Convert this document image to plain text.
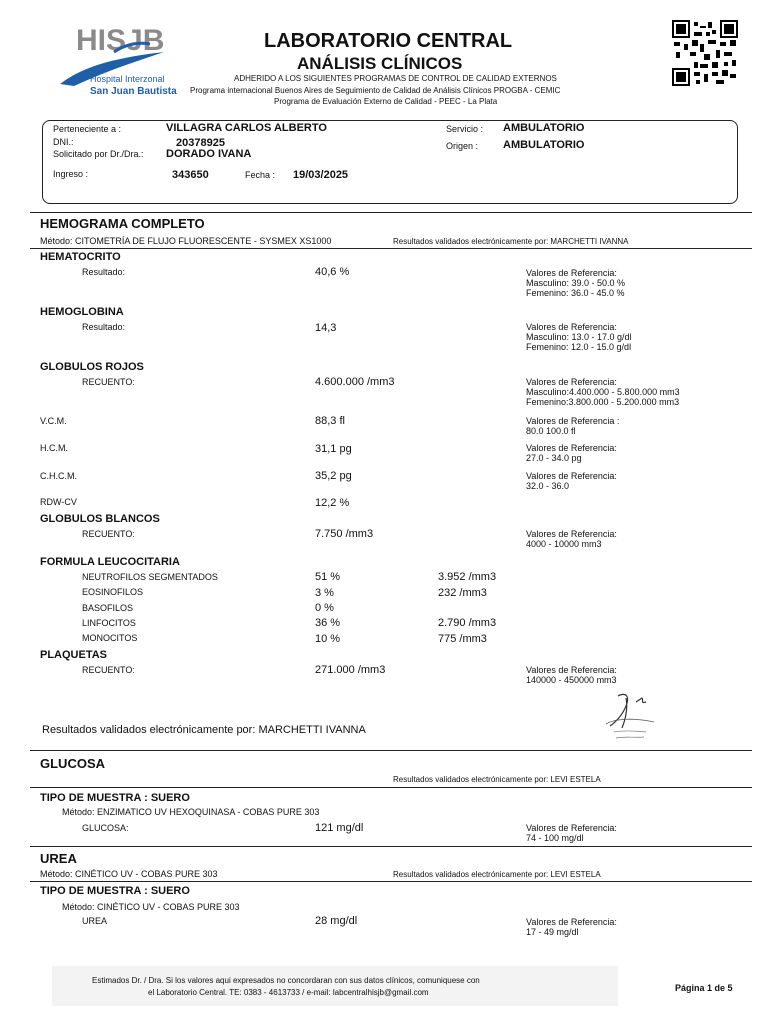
HISJB
Hospital Interzonal
San Juan Bautista
LABORATORIO CENTRAL
ANÁLISIS CLÍNICOS
ADHERIDO A LOS SIGUIENTES PROGRAMAS DE CONTROL DE CALIDAD EXTERNOS
Programa internacional Buenos Aires de Seguimiento de Calidad de Análisis Clínicos PROGBA - CEMIC
Programa de Evaluación Externo de Calidad - PEEC - La Plata
Perteneciente a :	VILLAGRA CARLOS ALBERTO
DNI.:	20378925
Solicitado por Dr./Dra.: DORADO IVANA
Ingreso :	343650	Fecha : 19/03/2025
Servicio : AMBULATORIO
Origen : AMBULATORIO
HEMOGRAMA COMPLETO
Método: CITOMETRÍA DE FLUJO FLUORESCENTE - SYSMEX XS1000	Resultados validados electrónicamente por: MARCHETTI IVANNA
HEMATOCRITO
Resultado:	40,6 %	Valores de Referencia:
Masculino: 39.0 - 50.0 %
Femenino: 36.0 - 45.0 %
HEMOGLOBINA
Resultado:	14,3	Valores de Referencia:
Masculino: 13.0 - 17.0 g/dl
Femenino: 12.0 - 15.0 g/dl
GLOBULOS ROJOS
RECUENTO:	4.600.000 /mm3	Valores de Referencia:
Masculino:4.400.000 - 5.800.000 mm3
Femenino:3.800.000 - 5.200.000 mm3
V.C.M.	88,3 fl	Valores de Referencia :
80.0 100.0 fl
H.C.M.	31,1 pg	Valores de Referencia:
27.0 - 34.0 pg
C.H.C.M.	35,2 pg	Valores de Referencia:
32.0 - 36.0
RDW-CV	12,2 %
GLOBULOS BLANCOS
RECUENTO:	7.750 /mm3	Valores de Referencia:
4000 - 10000 mm3
FORMULA LEUCOCITARIA
NEUTROFILOS SEGMENTADOS	51 %	3.952 /mm3
EOSINOFILOS	3 %	232 /mm3
BASOFILOS	0 %
LINFOCITOS	36 %	2.790 /mm3
MONOCITOS	10 %	775 /mm3
PLAQUETAS
RECUENTO:	271.000 /mm3	Valores de Referencia:
140000 - 450000 mm3
Resultados validados electrónicamente por: MARCHETTI IVANNA
GLUCOSA
Resultados validados electrónicamente por: LEVI ESTELA
TIPO DE MUESTRA : SUERO
Método: ENZIMATICO UV HEXOQUINASA - COBAS PURE 303
GLUCOSA:	121 mg/dl	Valores de Referencia:
74 - 100 mg/dl
UREA
Método: CINÉTICO UV - COBAS PURE 303	Resultados validados electrónicamente por: LEVI ESTELA
TIPO DE MUESTRA : SUERO
Método: CINÉTICO UV - COBAS PURE 303
UREA	28 mg/dl	Valores de Referencia:
17 - 49 mg/dl
Estimados Dr. / Dra. Si los valores aqui expresados no concordaran con sus datos clínicos, comuniquese con
el Laboratorio Central. TE: 0383 - 4613733 / e-mail: labcentralhisjb@gmail.com	Página 1 de 5
